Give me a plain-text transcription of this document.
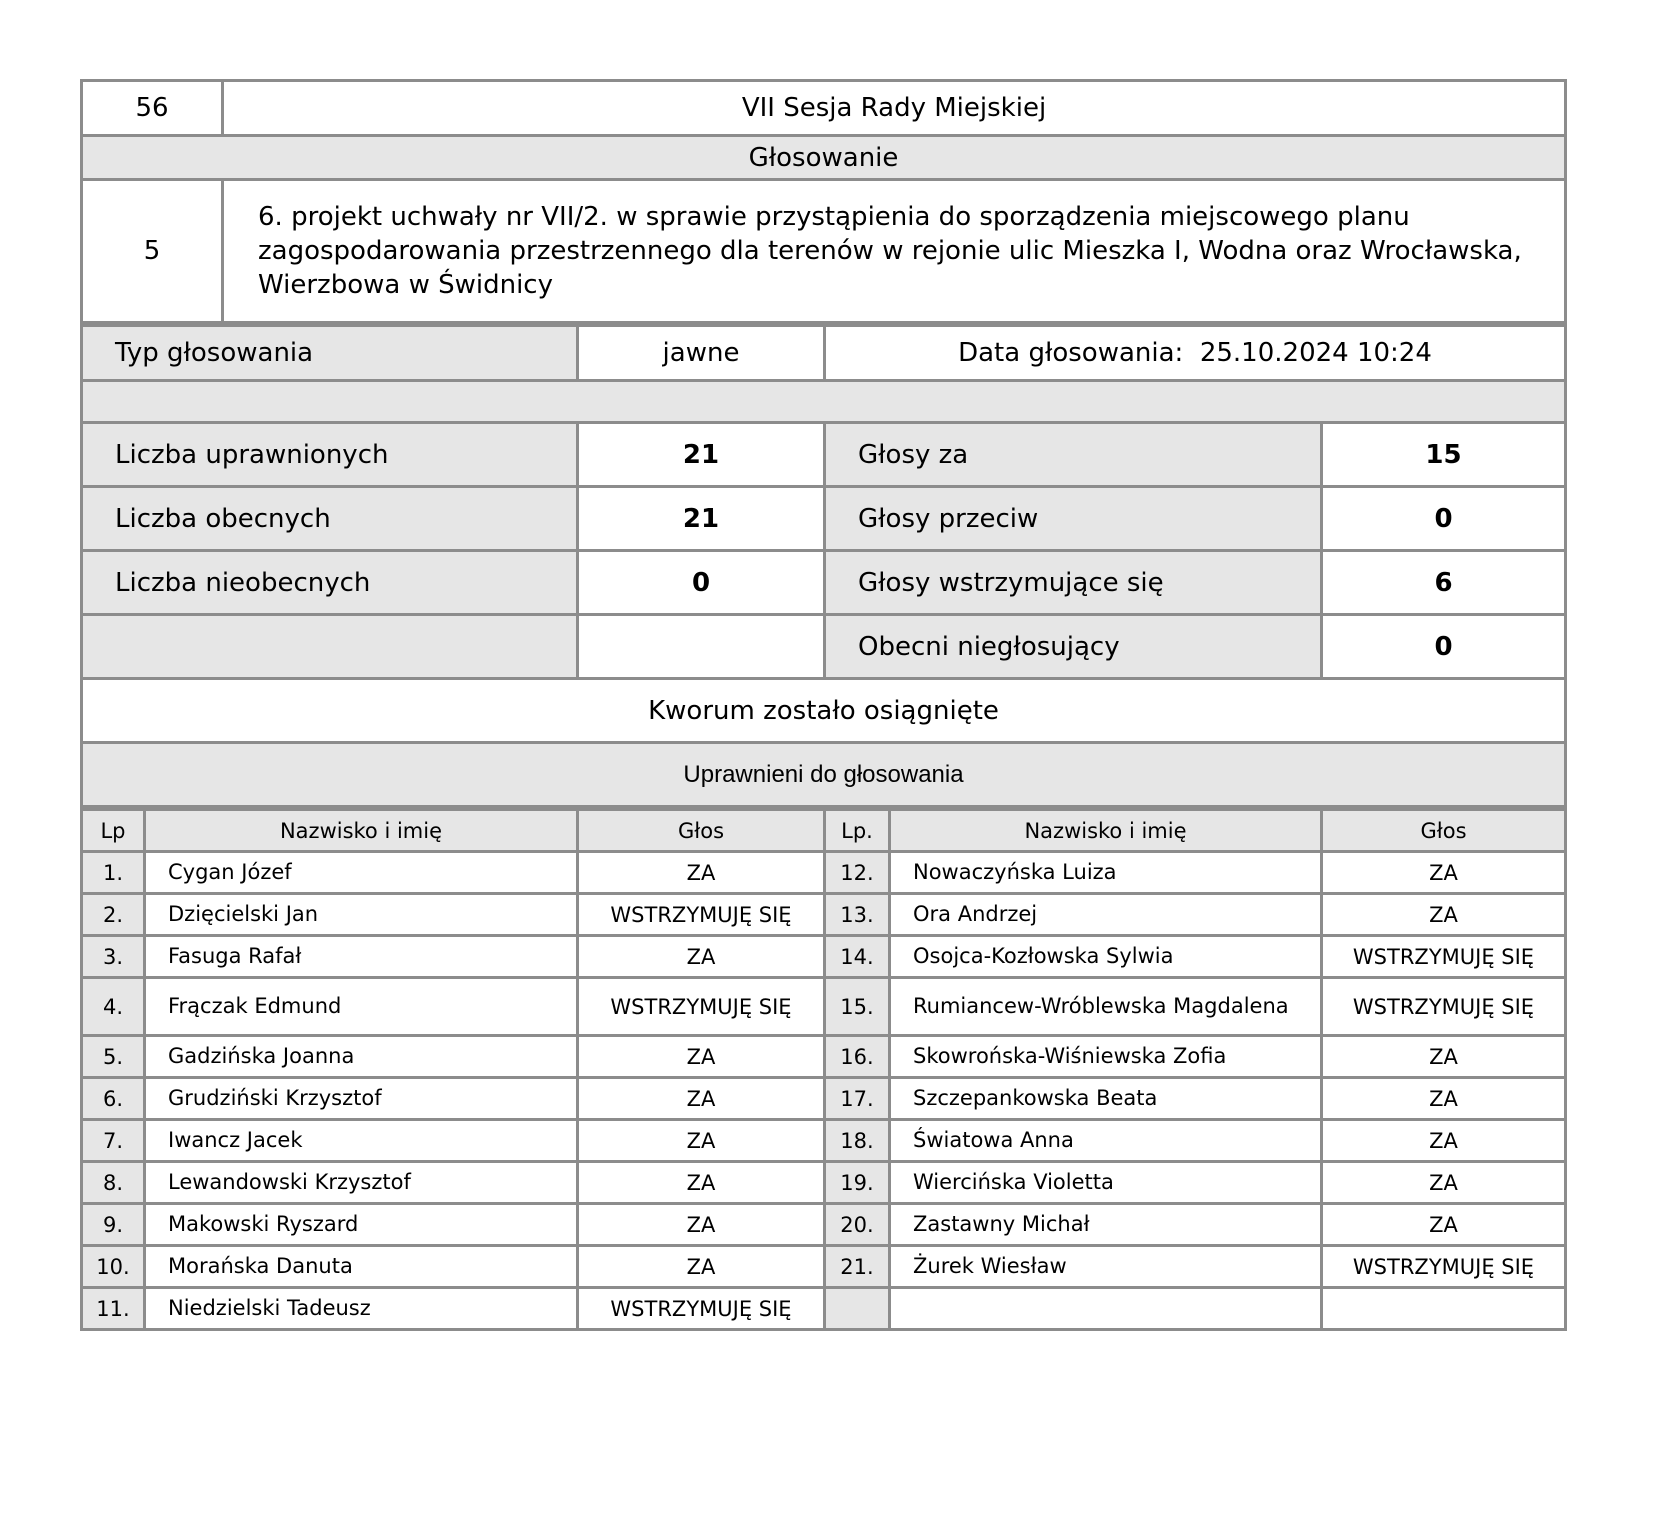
56	VII Sesja Rady Miejskiej
Głosowanie	
5	6. projekt uchwały nr VII/2. w sprawie przystąpienia do sporządzenia miejscowego planu zagospodarowania przestrzennego dla terenów w rejonie ulic Mieszka I, Wodna oraz Wrocławska, Wierzbowa w Świdnicy
Typ głosowania	jawne	Data głosowania: 25.10.2024 10:24	

Liczba uprawnionych	21	Głosy za	15
Liczba obecnych	21	Głosy przeciw	0
Liczba nieobecnych	0	Głosy wstrzymujące się	6
		Obecni niegłosujący	0
Kworum zostało osiągnięte			
Uprawnieni do głosowania			
Lp	Nazwisko i imię	Głos	Lp.	Nazwisko i imię	Głos
1.	Cygan Józef	ZA	12.	Nowaczyńska Luiza	ZA
2.	Dzięcielski Jan	WSTRZYMUJĘ SIĘ	13.	Ora Andrzej	ZA
3.	Fasuga Rafał	ZA	14.	Osojca-Kozłowska Sylwia	WSTRZYMUJĘ SIĘ
4.	Frączak Edmund	WSTRZYMUJĘ SIĘ	15.	Rumiancew-Wróblewska Magdalena	WSTRZYMUJĘ SIĘ
5.	Gadzińska Joanna	ZA	16.	Skowrońska-Wiśniewska Zofia	ZA
6.	Grudziński Krzysztof	ZA	17.	Szczepankowska Beata	ZA
7.	Iwancz Jacek	ZA	18.	Światowa Anna	ZA
8.	Lewandowski Krzysztof	ZA	19.	Wiercińska Violetta	ZA
9.	Makowski Ryszard	ZA	20.	Zastawny Michał	ZA
10.	Morańska Danuta	ZA	21.	Żurek Wiesław	WSTRZYMUJĘ SIĘ
11.	Niedzielski Tadeusz	WSTRZYMUJĘ SIĘ			
